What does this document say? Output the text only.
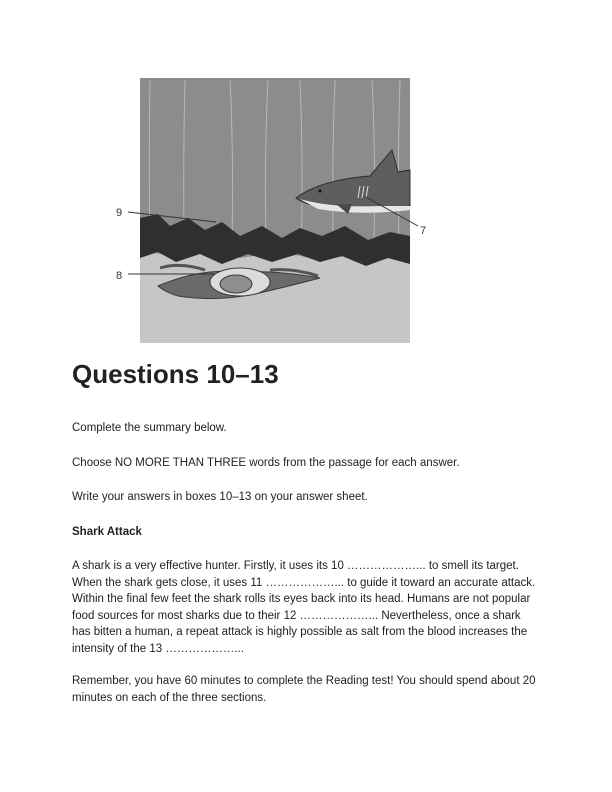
9
7
8
Questions 10–13

Complete the summary below.

Choose NO MORE THAN THREE words from the passage for each answer.

Write your answers in boxes 10–13 on your answer sheet.

Shark Attack

A shark is a very effective hunter. Firstly, it uses its 10 ………………... to smell its target. When the shark gets close, it uses 11 ………………... to guide it toward an accurate attack. Within the final few feet the shark rolls its eyes back into its head. Humans are not popular food sources for most sharks due to their 12 ………………... Nevertheless, once a shark has bitten a human, a repeat attack is highly possible as salt from the blood increases the intensity of the 13 ………………...

Remember, you have 60 minutes to complete the Reading test! You should spend about 20 minutes on each of the three sections.
